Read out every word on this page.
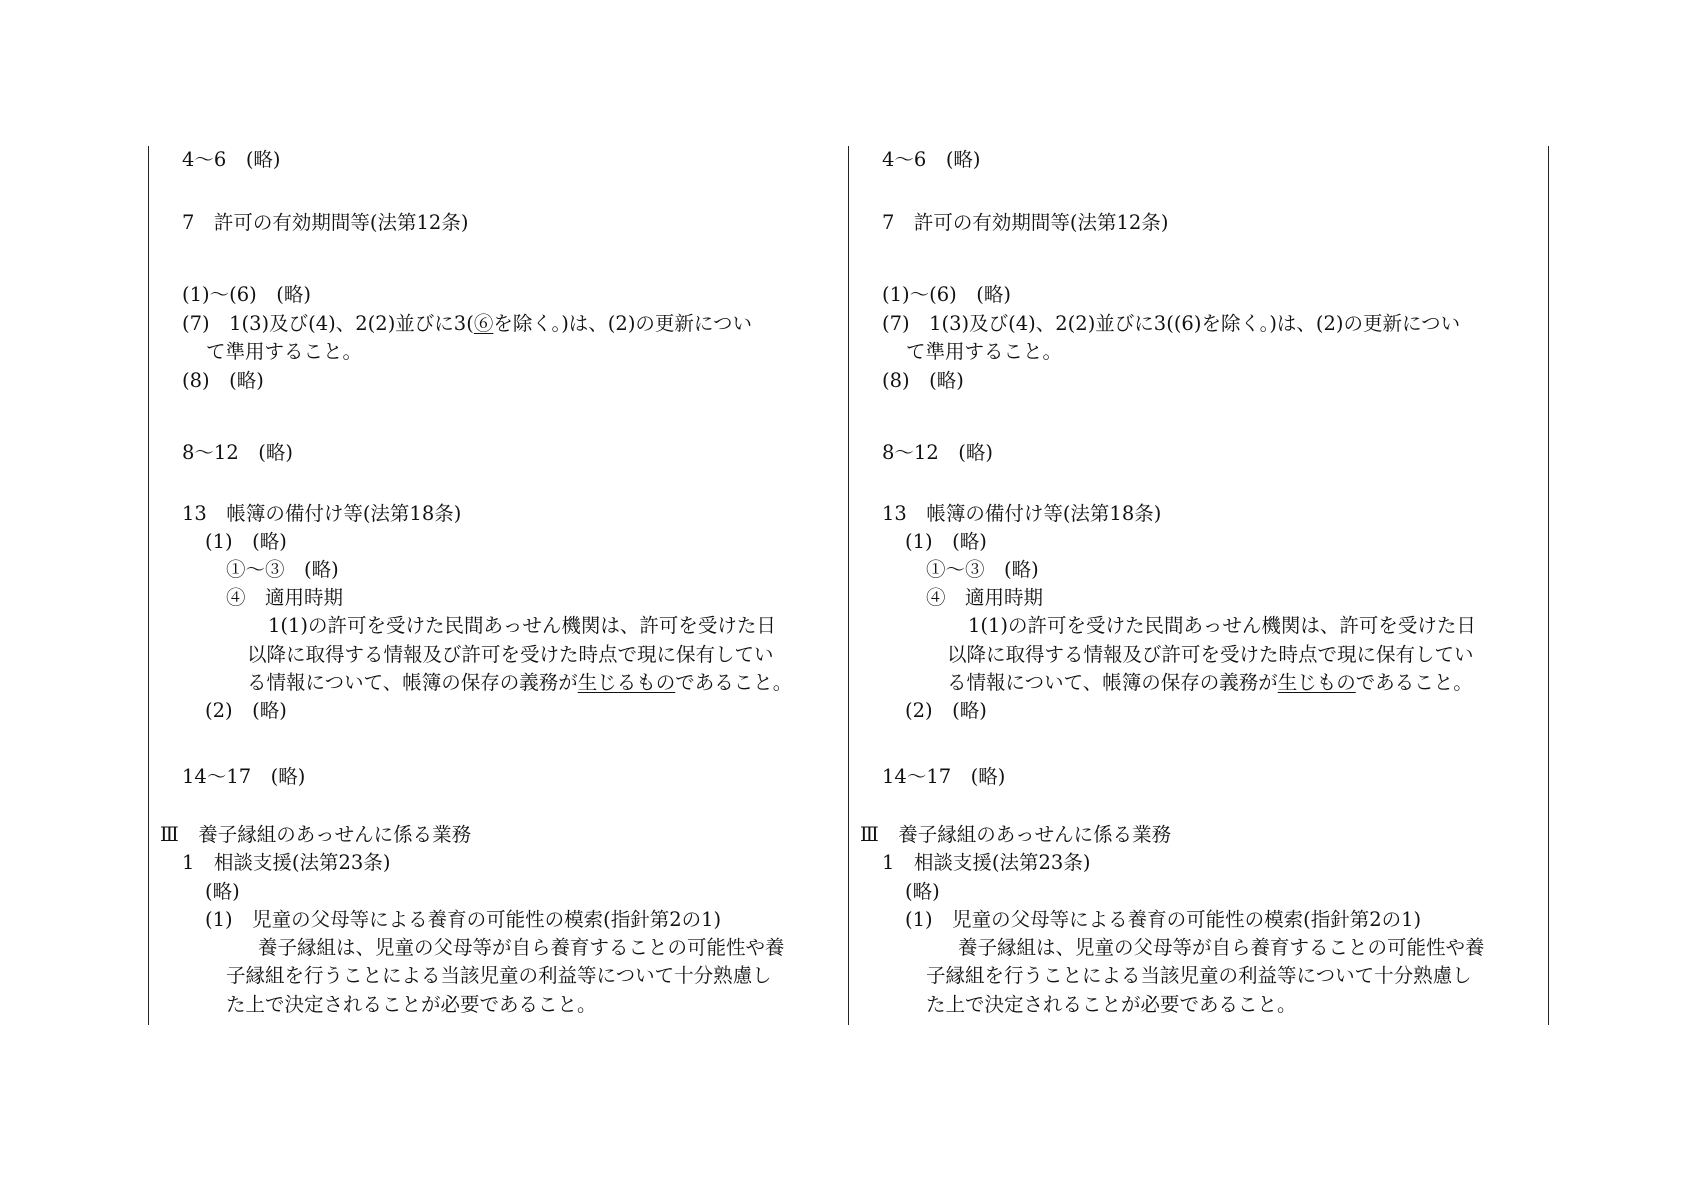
4～6　(略)
7　許可の有効期間等(法第12条)
(1)～(6)　(略)
(7)　1(3)及び(4)、2(2)並びに3(⑥を除く。)は、(2)の更新につい
て準用すること。
(8)　(略)
8～12　(略)
13　帳簿の備付け等(法第18条)
(1)　(略)
①～③　(略)
④　適用時期
1(1)の許可を受けた民間あっせん機関は、許可を受けた日
以降に取得する情報及び許可を受けた時点で現に保有してい
る情報について、帳簿の保存の義務が生じるものであること。
(2)　(略)
14～17　(略)
Ⅲ　養子縁組のあっせんに係る業務
1　相談支援(法第23条)
(略)
(1)　児童の父母等による養育の可能性の模索(指針第2の1)
養子縁組は、児童の父母等が自ら養育することの可能性や養
子縁組を行うことによる当該児童の利益等について十分熟慮し
た上で決定されることが必要であること。
4～6　(略)
7　許可の有効期間等(法第12条)
(1)～(6)　(略)
(7)　1(3)及び(4)、2(2)並びに3((6)を除く。)は、(2)の更新につい
て準用すること。
(8)　(略)
8～12　(略)
13　帳簿の備付け等(法第18条)
(1)　(略)
①～③　(略)
④　適用時期
1(1)の許可を受けた民間あっせん機関は、許可を受けた日
以降に取得する情報及び許可を受けた時点で現に保有してい
る情報について、帳簿の保存の義務が生じものであること。
(2)　(略)
14～17　(略)
Ⅲ　養子縁組のあっせんに係る業務
1　相談支援(法第23条)
(略)
(1)　児童の父母等による養育の可能性の模索(指針第2の1)
養子縁組は、児童の父母等が自ら養育することの可能性や養
子縁組を行うことによる当該児童の利益等について十分熟慮し
た上で決定されることが必要であること。
